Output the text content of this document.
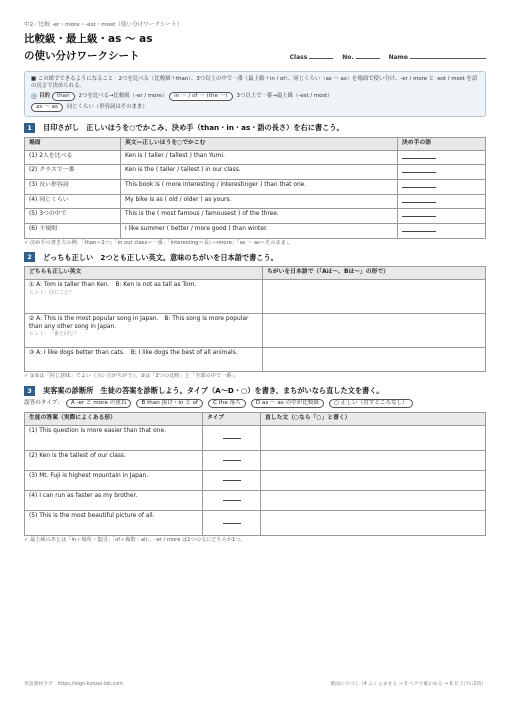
中2／比較 -er・more・-est・most（使い分けワークシート）
比較級・最上級・as 〜 as
の使い分けワークシート	Class	No.	Name

■ この紙でできるようになること　2つを比べる（比較級＋than）、3つ以上の中で一番（最上級＋in / of）、同じくらい（as 〜 as）を場面で使い分け、-er / more と -est / most を語の長さで決められる。

◎ 目的	than	2つを比べる→比較級（-er / more）	in 〜 / of 〜 (the 〜)	3つ以上で一番→最上級（-est / most）

as 〜 as	同じくらい（形容詞はそのまま）

1	目印さがし　正しいほうを○でかこみ、決め手（than・in・as・語の長さ）を右に書こう。
場面	英文—正しいほうを○でかこむ	決め手の語
(1) 2人を比べる	Ken is ( taller / tallest ) than Yumi.	
(2) クラスで一番	Ken is the ( taller / tallest ) in our class.	
(3) 長い形容詞	This book is ( more interesting / interestinger ) than that one.	
(4) 同じくらい	My bike is as ( old / older ) as yours.	
(5) 3つの中で	This is the ( most famous / famousest ) of the three.	
(6) 不規則	I like summer ( better / more good ) than winter.	
✓ 決め手の書き方の例：「than＝2つ」「in our class＝一番」「interesting＝長い→more」「as 〜 as＝そのまま」。
2	どっちも正しい　2つとも正しい英文。意味のちがいを日本語で書こう。
どちらも正しい英文	ちがいを日本語で（「Aは〜、Bは〜」の形で）

① A: Tom is taller than Ken.　B: Ken is not as tall as Tom.
ヒント：同じこと？	

② A: This is the most popular song in Japan.　B: This song is more popular than any other song in Japan.
ヒント：一番と同じ？	

③ A: I like dogs better than cats.　B: I like dogs the best of all animals.	

✓ ①②は「同じ意味」でよい（言い方がちがう）。③は「2つの比較」と「全部の中で一番」。
3	実客案の診断所　生徒の答案を診断しよう。タイプ（A〜D・○）を書き、まちがいなら直した文を書く。
誤答のタイプ：	A -er と more の重ね	B than 抜け・in と of	C the 落ち	D as 〜 as の中が比較級	○ 正しい（直すところなし）
生徒の答案（実際によくある形）	タイプ	直した文（○なら「○」と書く）
(1) This question is more easier than that one.		
(2) Ken is the tallest of our class.		
(3) Mt. Fuji is highest mountain in Japan.		
(4) I can run as faster as my brother.		
(5) This is the most beautiful picture of all.		
✓ 最上級のあとは「in＋場所・集団」「of＋複数・all」。-er / more は1つの文にどちらか1つ。
英語教材ラボ　https://eigo-kyozai-lab.com	裏面につづく（4 ふくらませる → 5 ペアで確かめる → 6 仕上げの1問）
